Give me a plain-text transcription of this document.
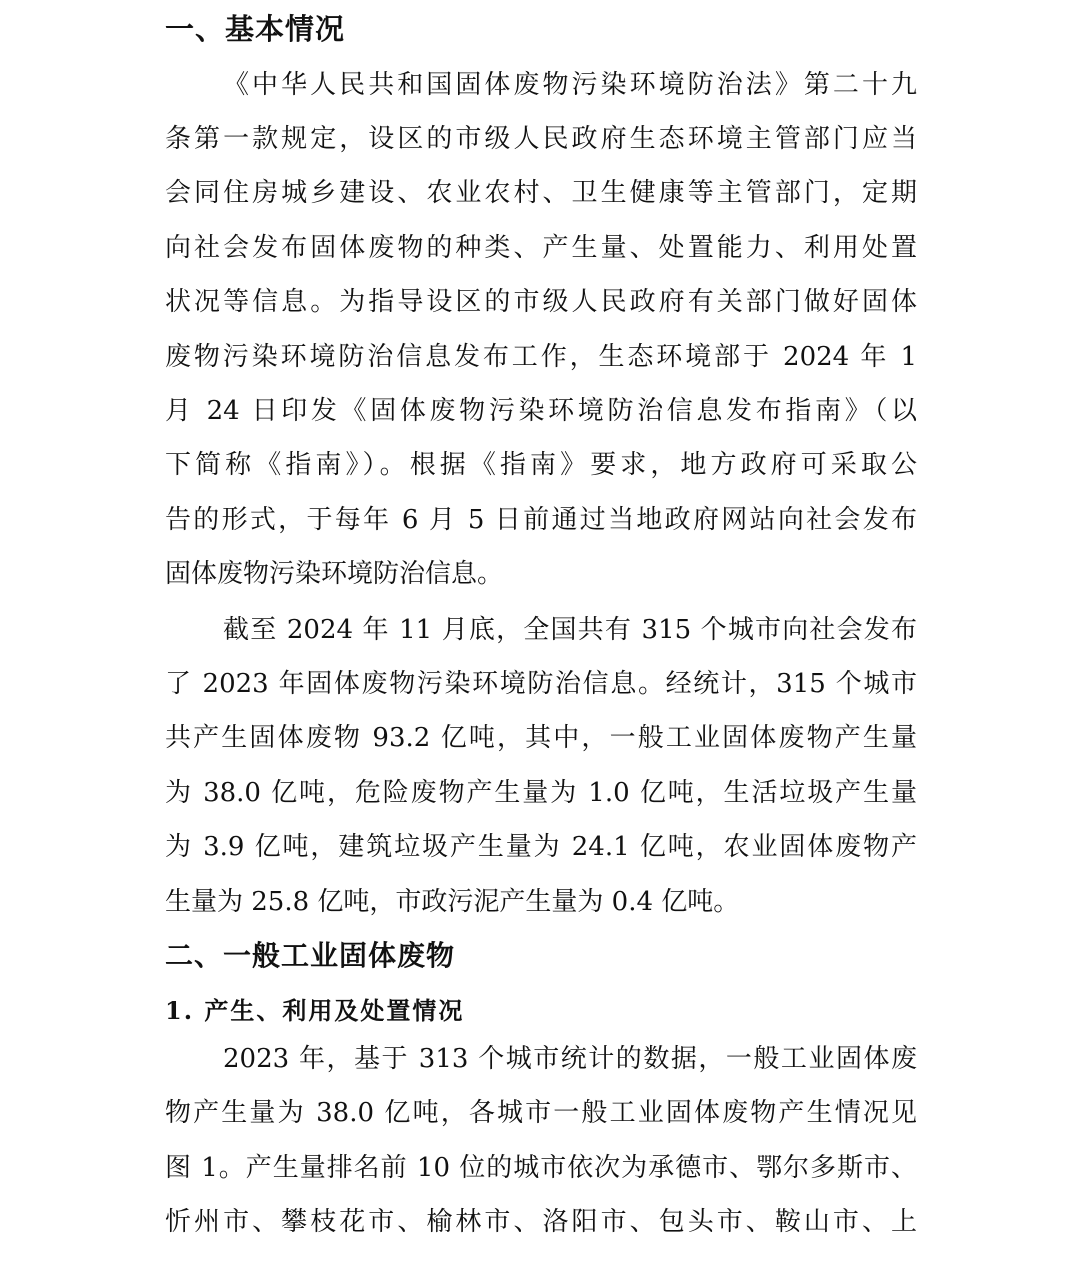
一、基本情况
《中华人民共和国固体废物污染环境防治法》第二十九
条第一款规定，设区的市级人民政府生态环境主管部门应当
会同住房城乡建设、农业农村、卫生健康等主管部门，定期
向社会发布固体废物的种类、产生量、处置能力、利用处置
状况等信息。为指导设区的市级人民政府有关部门做好固体
废物污染环境防治信息发布工作，生态环境部于 2024 年 1
月 24 日印发《固体废物污染环境防治信息发布指南》（以
下简称《指南》）。根据《指南》要求，地方政府可采取公
告的形式，于每年 6 月 5 日前通过当地政府网站向社会发布
固体废物污染环境防治信息。
截至 2024 年 11 月底，全国共有 315 个城市向社会发布
了 2023 年固体废物污染环境防治信息。经统计，315 个城市
共产生固体废物 93.2 亿吨，其中，一般工业固体废物产生量
为 38.0 亿吨，危险废物产生量为 1.0 亿吨，生活垃圾产生量
为 3.9 亿吨，建筑垃圾产生量为 24.1 亿吨，农业固体废物产
生量为 25.8 亿吨，市政污泥产生量为 0.4 亿吨。
二、一般工业固体废物
1. 产生、利用及处置情况
2023 年，基于 313 个城市统计的数据，一般工业固体废
物产生量为 38.0 亿吨，各城市一般工业固体废物产生情况见
图 1。产生量排名前 10 位的城市依次为承德市、鄂尔多斯市、
忻州市、攀枝花市、榆林市、洛阳市、包头市、鞍山市、上
